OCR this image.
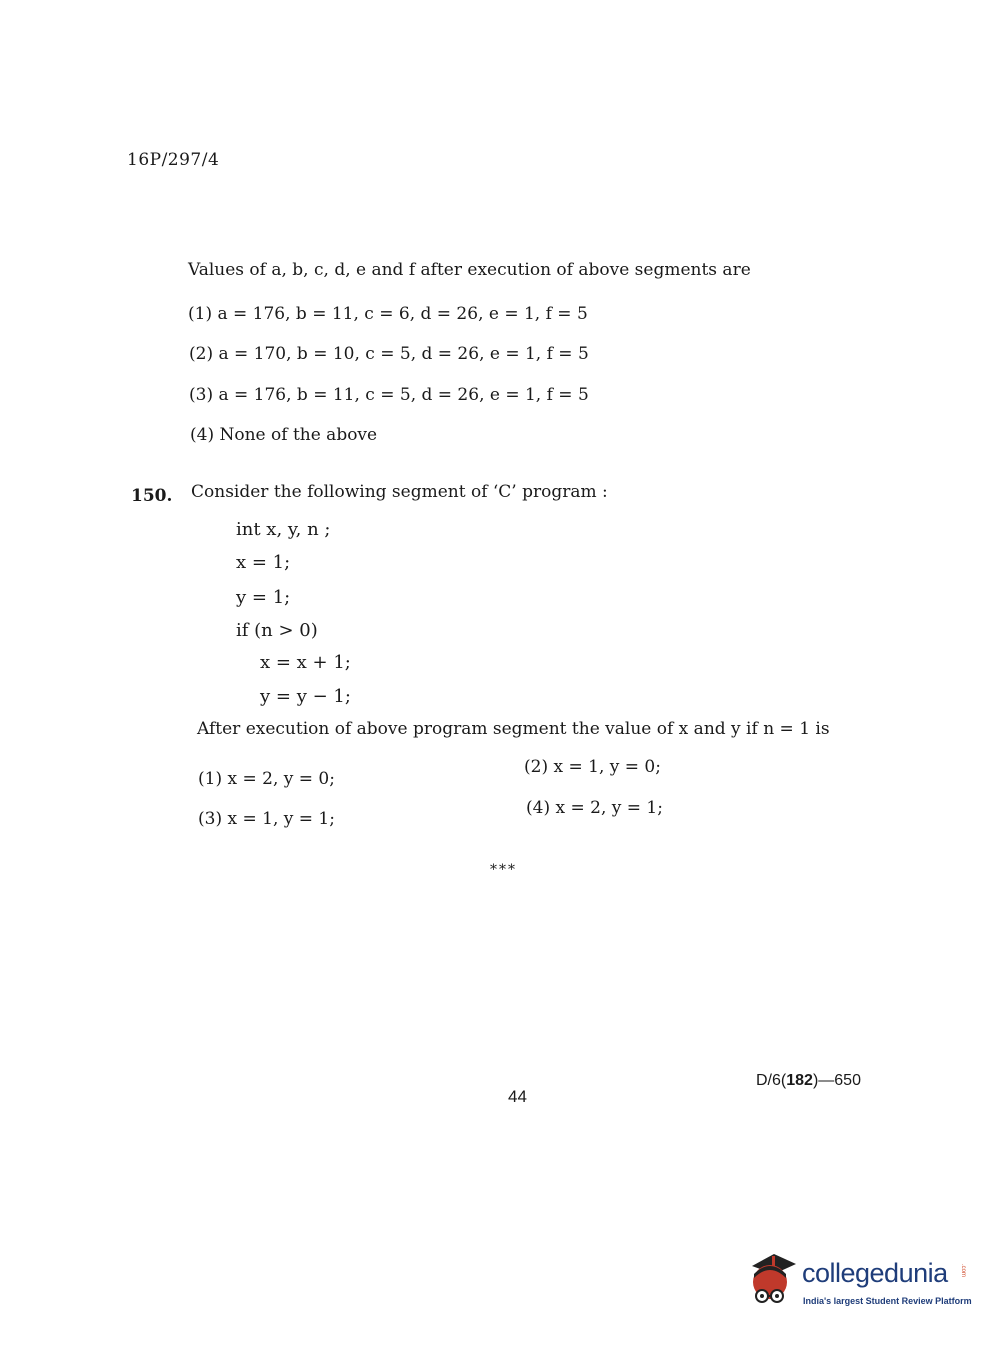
16P/297/4
Values of a, b, c, d, e and f after execution of above segments are
(1) a = 176, b = 11, c = 6, d = 26, e = 1, f = 5
(2) a = 170, b = 10, c = 5, d = 26, e = 1, f = 5
(3) a = 176, b = 11, c = 5, d = 26, e = 1, f = 5
(4) None of the above
150. Consider the following segment of ‘C’ program :
int x, y, n ;
x = 1;
y = 1;
if (n > 0)
x = x + 1;
y = y − 1;
After execution of above program segment the value of x and y if n = 1 is
(1) x = 2, y = 0;
(2) x = 1, y = 0;
(3) x = 1, y = 1;
(4) x = 2, y = 1;
***
44
D/6(182)—650
collegedunia .com
India's largest Student Review Platform
